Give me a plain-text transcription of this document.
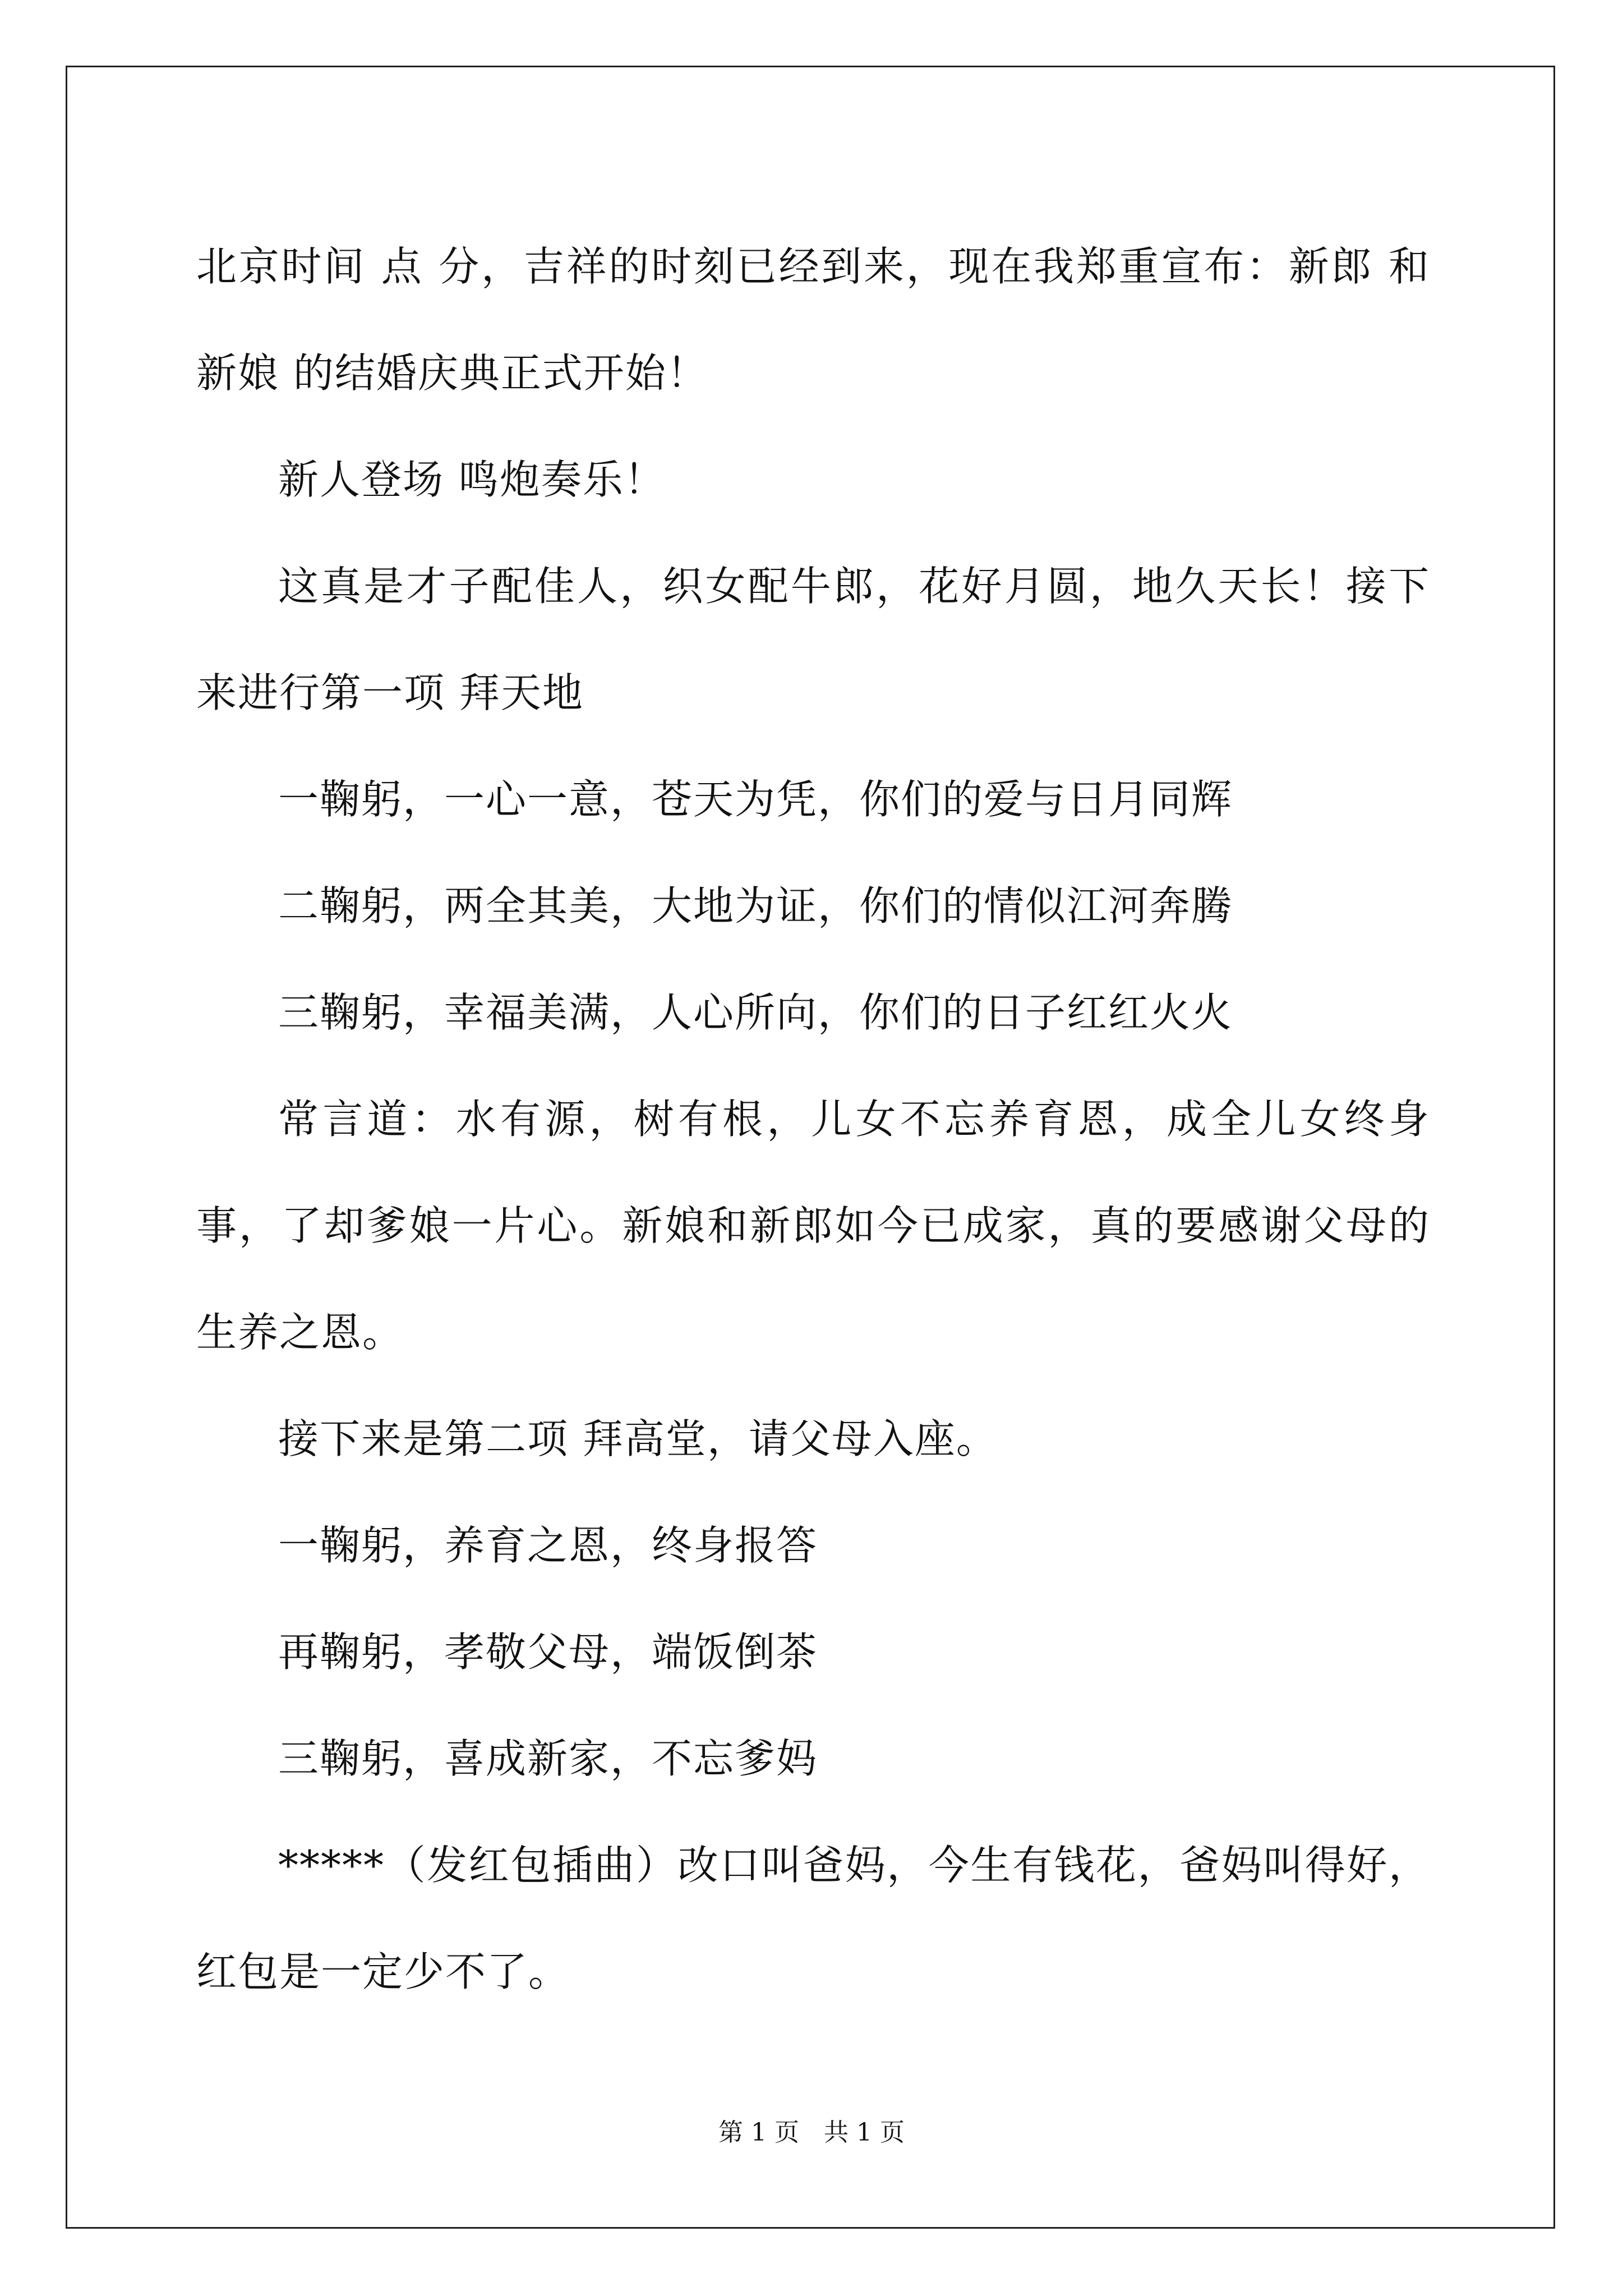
北京时间 点 分，吉祥的时刻已经到来，现在我郑重宣布：新郎 和新娘 的结婚庆典正式开始！

新人登场 鸣炮奏乐！

这真是才子配佳人，织女配牛郎，花好月圆，地久天长！接下来进行第一项 拜天地

一鞠躬，一心一意，苍天为凭，你们的爱与日月同辉

二鞠躬，两全其美，大地为证，你们的情似江河奔腾

三鞠躬，幸福美满，人心所向，你们的日子红红火火

常言道：水有源，树有根，儿女不忘养育恩，成全儿女终身事，了却爹娘一片心。新娘和新郎如今已成家，真的要感谢父母的生养之恩。

接下来是第二项 拜高堂，请父母入座。

一鞠躬，养育之恩，终身报答

再鞠躬，孝敬父母，端饭倒茶

三鞠躬，喜成新家，不忘爹妈

*****（发红包插曲）改口叫爸妈，今生有钱花，爸妈叫得好，红包是一定少不了。

第 1 页　共 1 页
